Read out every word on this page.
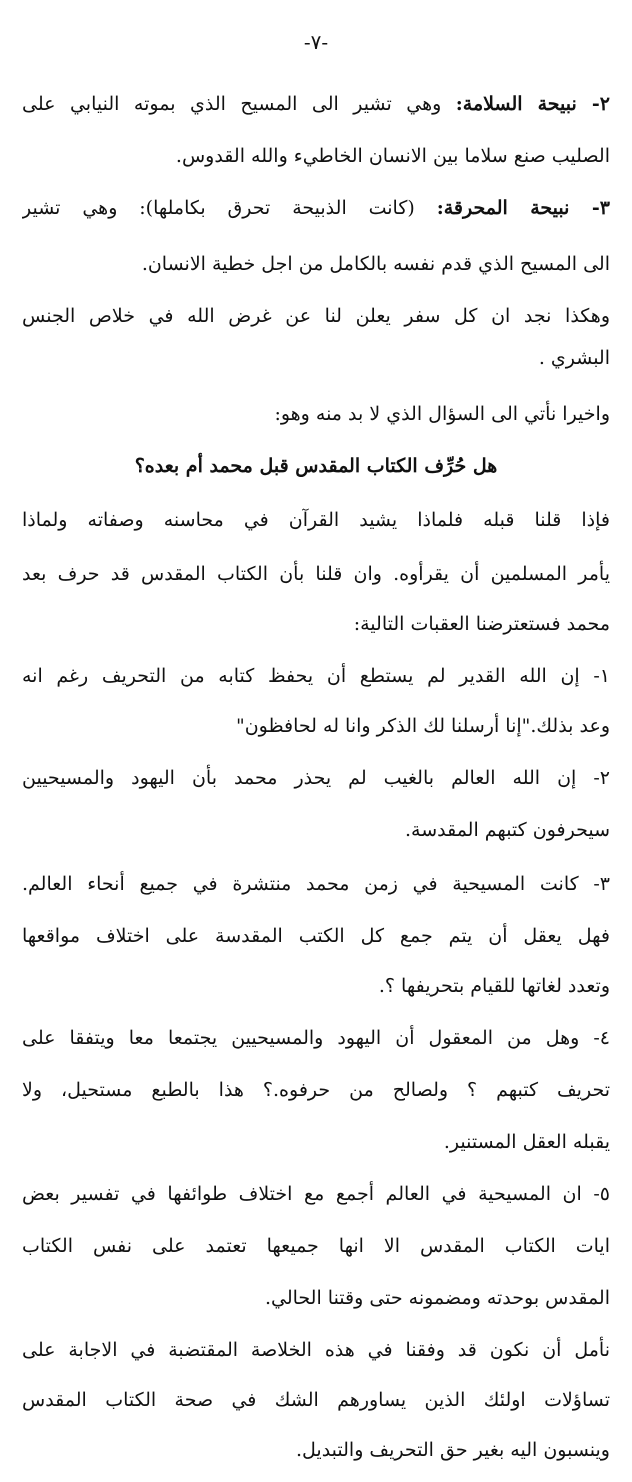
-٧-
٢- نبيحة السلامة: وهي تشير الى المسيح الذي بموته النيابي على
الصليب صنع سلاما بين الانسان الخاطيء والله القدوس.
٣- نبيحة المحرقة: (كانت الذبيحة تحرق بكاملها): وهي تشير
الى المسيح الذي قدم نفسه بالكامل من اجل خطية الانسان.
وهكذا نجد ان كل سفر يعلن لنا عن غرض الله في خلاص الجنس
البشري .
واخيرا نأتي الى السؤال الذي لا بد منه وهو:
هل حُرِّف الكتاب المقدس قبل محمد أم بعده؟
فإذا قلنا قبله فلماذا يشيد القرآن في محاسنه وصفاته ولماذا
يأمر المسلمين أن يقرأوه. وان قلنا بأن الكتاب المقدس قد حرف بعد
محمد فستعترضنا العقبات التالية:
١- إن الله القدير لم يستطع أن يحفظ كتابه من التحريف رغم انه
وعد بذلك."إنا أرسلنا لك الذكر وانا له لحافظون"
٢- إن الله العالم بالغيب لم يحذر محمد بأن اليهود والمسيحيين
سيحرفون كتبهم المقدسة.
٣- كانت المسيحية في زمن محمد منتشرة في جميع أنحاء العالم.
فهل يعقل أن يتم جمع كل الكتب المقدسة على اختلاف مواقعها
وتعدد لغاتها للقيام بتحريفها ؟.
٤- وهل من المعقول أن اليهود والمسيحيين يجتمعا معا ويتفقا على
تحريف كتبهم ؟ ولصالح من حرفوه.؟ هذا بالطبع مستحيل، ولا
يقبله العقل المستنير.
٥- ان المسيحية في العالم أجمع مع اختلاف طوائفها في تفسير بعض
ايات الكتاب المقدس الا انها جميعها تعتمد على نفس الكتاب
المقدس بوحدته ومضمونه حتى وقتنا الحالي.
نأمل أن نكون قد وفقنا في هذه الخلاصة المقتضبة في الاجابة على
تساؤلات اولئك الذين يساورهم الشك في صحة الكتاب المقدس
وينسبون اليه بغير حق التحريف والتبديل.
